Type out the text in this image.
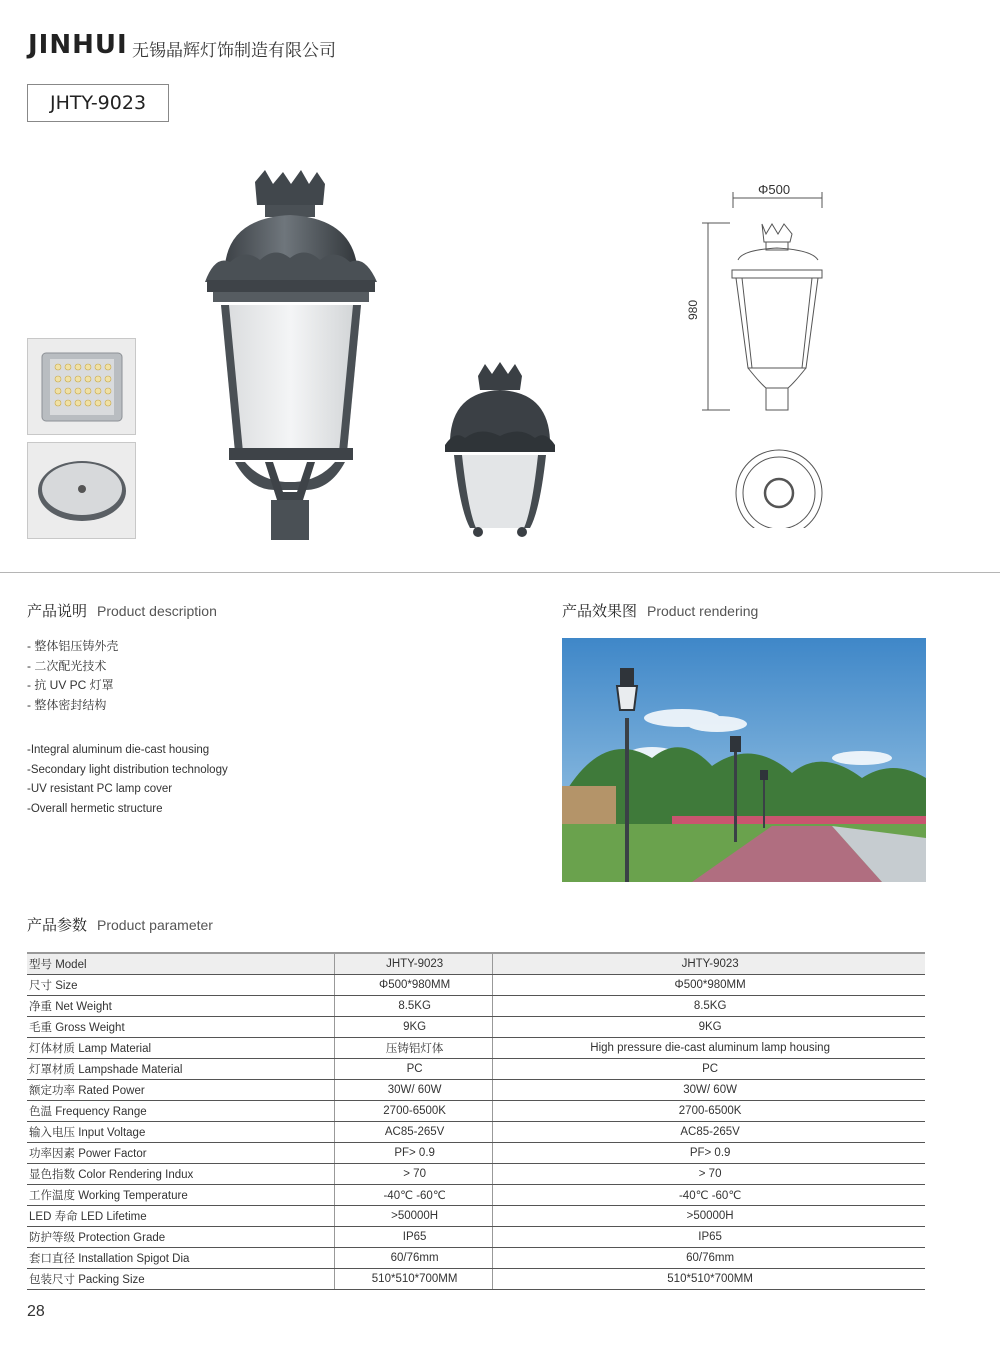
JINHUI 无锡晶辉灯饰制造有限公司
JHTY-9023
Φ500
980
产品说明 Product description
- 整体铝压铸外壳
- 二次配光技术
- 抗 UV PC 灯罩
- 整体密封结构
-Integral aluminum die-cast housing
-Secondary light distribution technology
-UV resistant PC lamp cover
-Overall hermetic structure
产品效果图 Product rendering
产品参数 Product parameter
型号 Model	JHTY-9023	JHTY-9023
尺寸 Size	Φ500*980MM	Φ500*980MM
净重 Net Weight	8.5KG	8.5KG
毛重 Gross Weight	9KG	9KG
灯体材质 Lamp Material	压铸铝灯体	High pressure die-cast aluminum lamp housing
灯罩材质 Lampshade Material	PC	PC
额定功率 Rated Power	30W/ 60W	30W/ 60W
色温 Frequency Range	2700-6500K	2700-6500K
输入电压 Input Voltage	AC85-265V	AC85-265V
功率因素 Power Factor	PF> 0.9	PF> 0.9
显色指数 Color Rendering Indux	> 70	> 70
工作温度 Working Temperature	-40℃ -60℃	-40℃ -60℃
LED 寿命 LED Lifetime	>50000H	>50000H
防护等级 Protection Grade	IP65	IP65
套口直径 Installation Spigot Dia	60/76mm	60/76mm
包装尺寸 Packing Size	510*510*700MM	510*510*700MM
28
